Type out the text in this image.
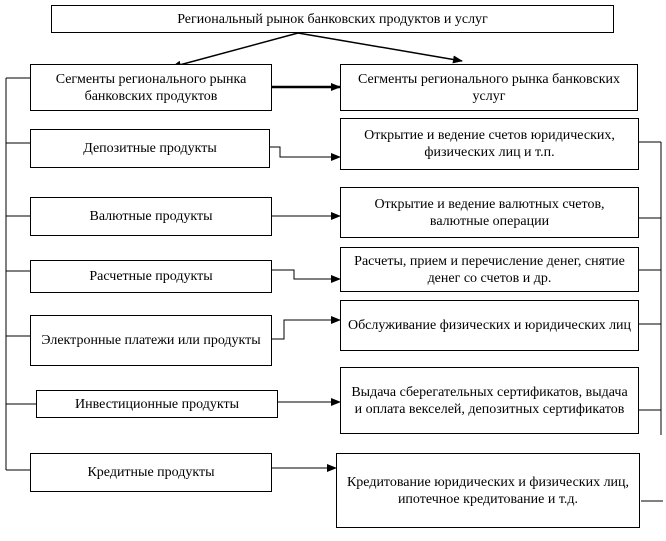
Региональный рынок банковских продуктов и услуг
Сегменты регионального рынка банковских продуктов
Сегменты регионального рынка банковских услуг
Депозитные продукты
Валютные продукты
Расчетные продукты
Электронные платежи или продукты
Инвестиционные продукты
Кредитные продукты
Открытие и ведение счетов юридических, физических лиц и т.п.
Открытие и ведение валютных счетов, валютные операции
Расчеты, прием и перечисление денег, снятие денег со счетов и др.
Обслуживание физических и юридических лиц
Выдача сберегательных сертификатов, выдача и оплата векселей, депозитных сертификатов
Кредитование юридических и физических лиц, ипотечное кредитование и т.д.
